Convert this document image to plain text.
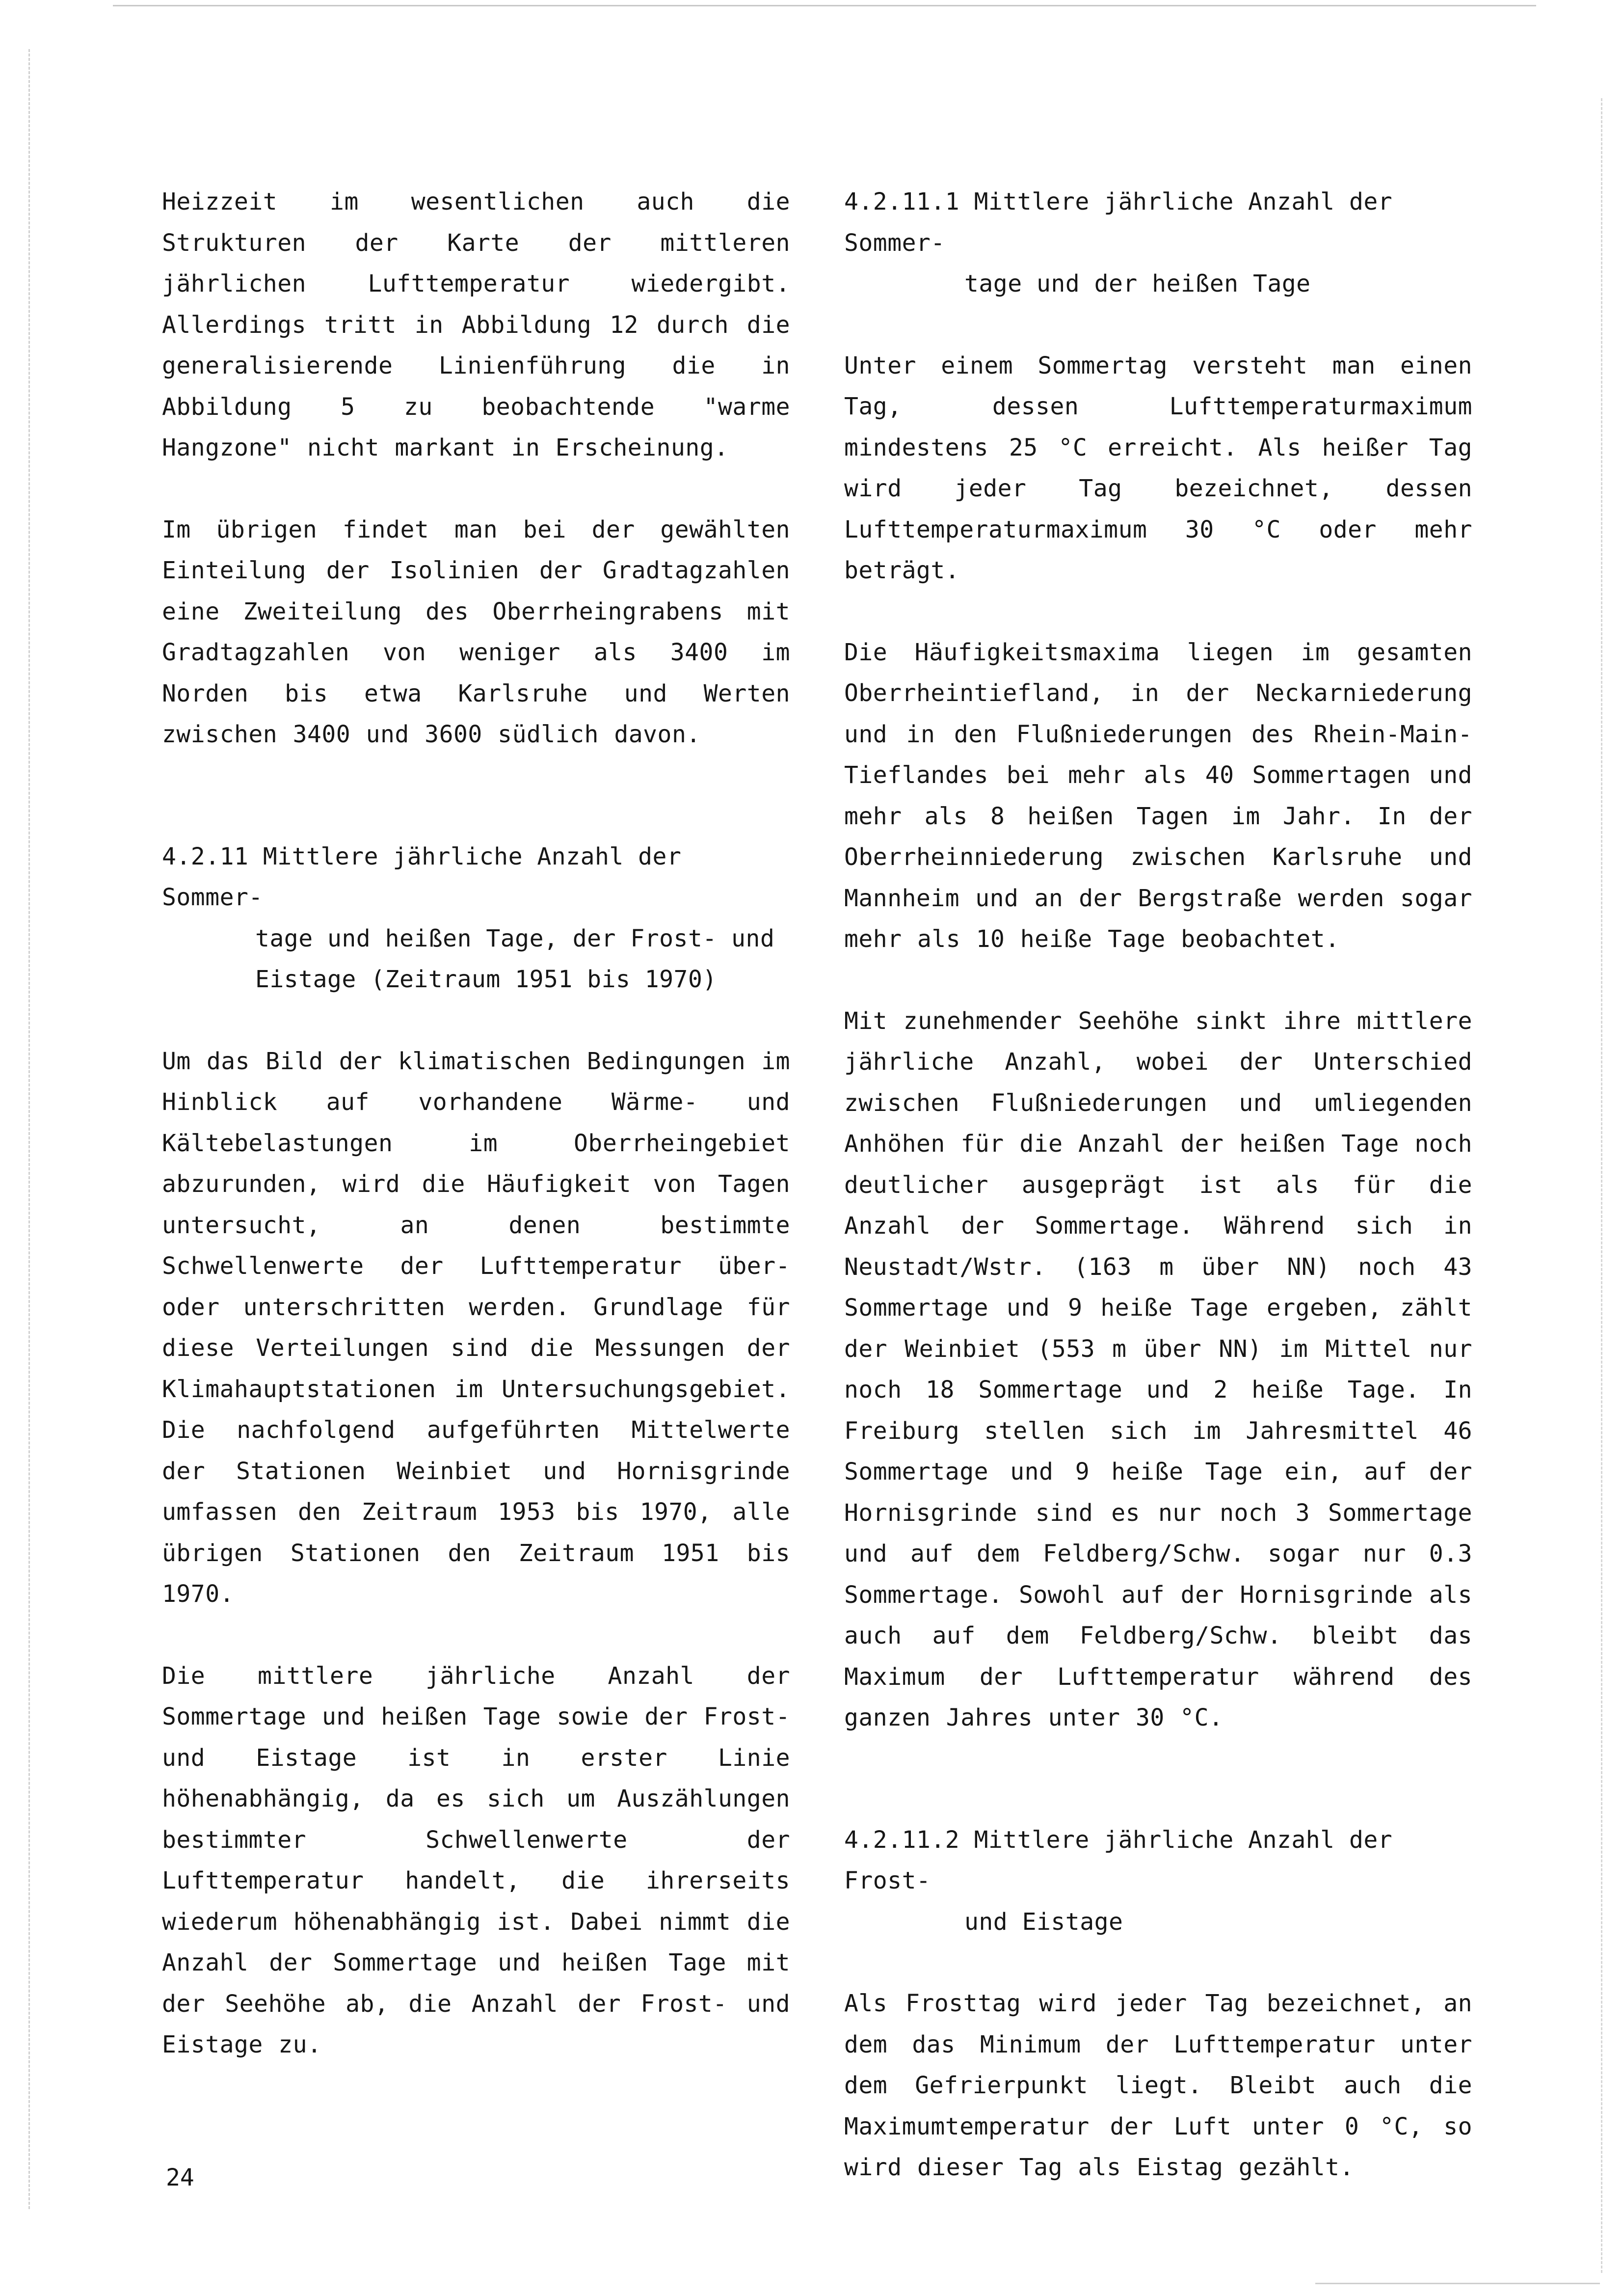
Heizzeit im wesentlichen auch die Strukturen der Karte der mittleren jährlichen Lufttemperatur wiedergibt. Allerdings tritt in Abbildung 12 durch die generalisierende Linienführung die in Abbildung 5 zu beobachtende "warme Hangzone" nicht markant in Erscheinung.

Im übrigen findet man bei der gewählten Einteilung der Isolinien der Gradtagzahlen eine Zweiteilung des Oberrheingrabens mit Gradtagzahlen von weniger als 3400 im Norden bis etwa Karlsruhe und Werten zwischen 3400 und 3600 südlich davon.

4.2.11 Mittlere jährliche Anzahl der Sommer-
tage und heißen Tage, der Frost- und
Eistage (Zeitraum 1951 bis 1970)

Um das Bild der klimatischen Bedingungen im Hinblick auf vorhandene Wärme- und Kältebelastungen im Oberrheingebiet abzurunden, wird die Häufigkeit von Tagen untersucht, an denen bestimmte Schwellenwerte der Lufttemperatur über- oder unterschritten werden. Grundlage für diese Verteilungen sind die Messungen der Klimahauptstationen im Untersuchungsgebiet. Die nachfolgend aufgeführten Mittelwerte der Stationen Weinbiet und Hornisgrinde umfassen den Zeitraum 1953 bis 1970, alle übrigen Stationen den Zeitraum 1951 bis 1970.

Die mittlere jährliche Anzahl der Sommertage und heißen Tage sowie der Frost- und Eistage ist in erster Linie höhenabhängig, da es sich um Auszählungen bestimmter Schwellenwerte der Lufttemperatur handelt, die ihrerseits wiederum höhenabhängig ist. Dabei nimmt die Anzahl der Sommertage und heißen Tage mit der Seehöhe ab, die Anzahl der Frost- und Eistage zu.

4.2.11.1 Mittlere jährliche Anzahl der Sommer-
tage und der heißen Tage

Unter einem Sommertag versteht man einen Tag, dessen Lufttemperaturmaximum mindestens 25 °C erreicht. Als heißer Tag wird jeder Tag bezeichnet, dessen Lufttemperaturmaximum 30 °C oder mehr beträgt.

Die Häufigkeitsmaxima liegen im gesamten Oberrheintiefland, in der Neckarniederung und in den Flußniederungen des Rhein-Main-Tieflandes bei mehr als 40 Sommertagen und mehr als 8 heißen Tagen im Jahr. In der Oberrheinniederung zwischen Karlsruhe und Mannheim und an der Bergstraße werden sogar mehr als 10 heiße Tage beobachtet.

Mit zunehmender Seehöhe sinkt ihre mittlere jährliche Anzahl, wobei der Unterschied zwischen Flußniederungen und umliegenden Anhöhen für die Anzahl der heißen Tage noch deutlicher ausgeprägt ist als für die Anzahl der Sommertage. Während sich in Neustadt/Wstr. (163 m über NN) noch 43 Sommertage und 9 heiße Tage ergeben, zählt der Weinbiet (553 m über NN) im Mittel nur noch 18 Sommertage und 2 heiße Tage. In Freiburg stellen sich im Jahresmittel 46 Sommertage und 9 heiße Tage ein, auf der Hornisgrinde sind es nur noch 3 Sommertage und auf dem Feldberg/Schw. sogar nur 0.3 Sommertage. Sowohl auf der Hornisgrinde als auch auf dem Feldberg/Schw. bleibt das Maximum der Lufttemperatur während des ganzen Jahres unter 30 °C.

4.2.11.2 Mittlere jährliche Anzahl der Frost-
und Eistage

Als Frosttag wird jeder Tag bezeichnet, an dem das Minimum der Lufttemperatur unter dem Gefrierpunkt liegt. Bleibt auch die Maximumtemperatur der Luft unter 0 °C, so wird dieser Tag als Eistag gezählt.

24
